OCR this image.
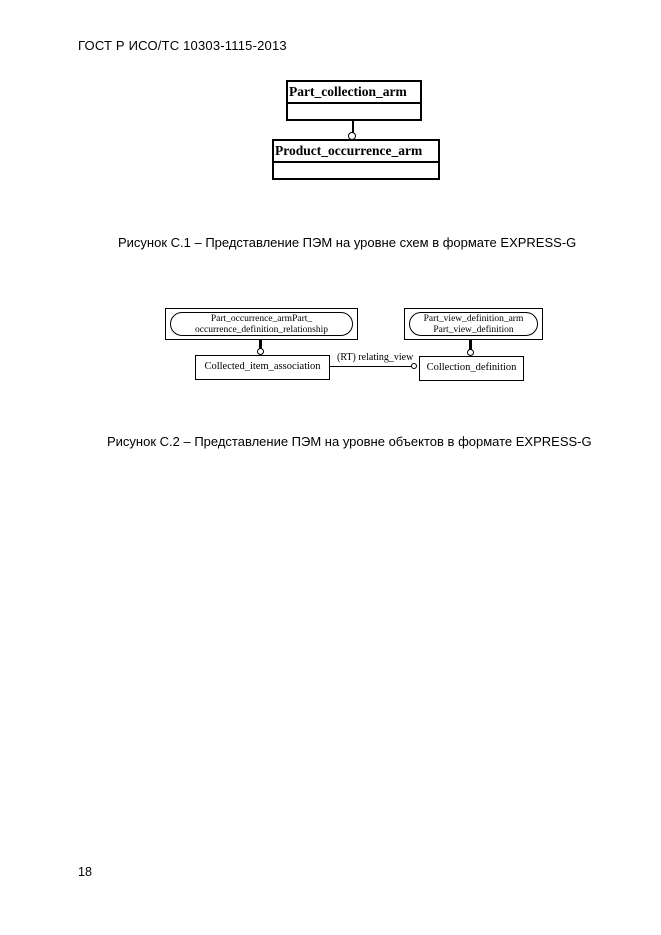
ГОСТ Р ИСО/ТС 10303-1115-2013
Part_collection_arm
Product_occurrence_arm
Рисунок С.1 – Представление ПЭМ на уровне схем в формате EXPRESS-G
Part_occurrence_armPart_
occurrence_definition_relationship
Part_view_definition_arm
Part_view_definition
Collected_item_association
(RT) relating_view
Collection_definition
Рисунок С.2 – Представление ПЭМ на уровне объектов в формате EXPRESS-G
18
